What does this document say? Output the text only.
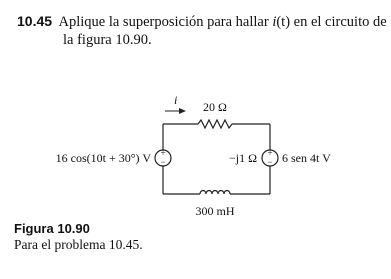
10.45 Aplique la superposición para hallar i(t) en el circuito de
la figura 10.90.
i 20 Ω
300 mH
+
−
16 cos(10t + 30°) V	+
− 6 sen 4t V
−j1 Ω
Figura 10.90
Para el problema 10.45.
